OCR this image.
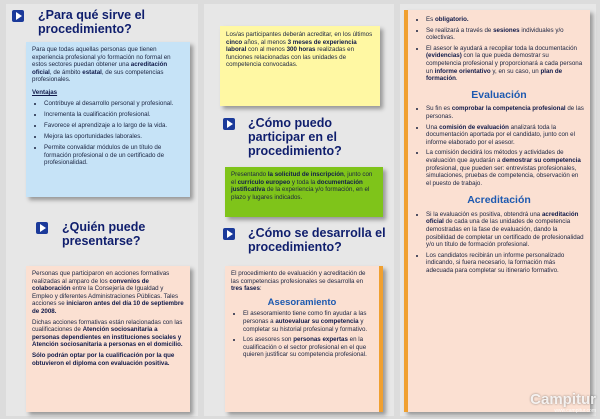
¿Para qué sirve el procedimiento?

Para que todas aquellas personas que tienen experiencia profesional y/o formación no formal en estos sectores puedan obtener una acreditación oficial, de ámbito estatal, de sus competencias profesionales.

Ventajas

• Contribuye al desarrollo personal y profesional.
• Incrementa la cualificación profesional.
• Favorece el aprendizaje a lo largo de la vida.
• Mejora las oportunidades laborales.
• Permite convalidar módulos de un título de formación profesional o de un certificado de profesionalidad.
¿Quién puede presentarse?

Personas que participaron en acciones formativas realizadas al amparo de los convenios de colaboración entre la Consejería de Igualdad y Empleo y diferentes Administraciones Públicas. Tales acciones se iniciaron antes del día 10 de septiembre de 2008.

Dichas acciones formativas están relacionadas con las cualificaciones de Atención sociosanitaria a personas dependientes en instituciones sociales y Atención sociosanitaria a personas en el domicilio.

Sólo podrán optar por la cualificación por la que obtuvieron el diploma con evaluación positiva.

Los/as participantes deberán acreditar, en los últimos cinco años, al menos 3 meses de experiencia laboral con al menos 300 horas realizadas en funciones relacionadas con las unidades de competencia convocadas.

¿Cómo puedo participar en el procedimiento?

Presentando la solicitud de inscripción, junto con el currículo europeo y toda la documentación justificativa de la experiencia y/o formación, en el plazo y lugares indicados.

¿Cómo se desarrolla el procedimiento?

El procedimiento de evaluación y acreditación de las competencias profesionales se desarrolla en tres fases:

Asesoramiento
• El asesoramiento tiene como fin ayudar a las personas a autoevaluar su competencia y completar su historial profesional y formativo.
• Los asesores son personas expertas en la cualificación o el sector profesional en el que quieren justificar su competencia profesional.
• Es obligatorio.
• Se realizará a través de sesiones individuales y/o colectivas.
• El asesor le ayudará a recopilar toda la documentación (evidencias) con la que pueda demostrar su competencia profesional y proporcionará a cada persona un informe orientativo y, en su caso, un plan de formación.
Evaluación
• Su fin es comprobar la competencia profesional de las personas.
• Una comisión de evaluación analizará toda la documentación aportada por el candidato, junto con el informe elaborado por el asesor.
• La comisión decidirá los métodos y actividades de evaluación que ayudarán a demostrar su competencia profesional, que pueden ser: entrevistas profesionales, simulaciones, pruebas de competencia, observación en el puesto de trabajo.
Acreditación
• Si la evaluación es positiva, obtendrá una acreditación oficial de cada una de las unidades de competencia demostradas en la fase de evaluación, dando la posibilidad de completar un certificado de profesionalidad y/o un título de formación profesional.
• Los candidatos recibirán un informe personalizado indicando, si fuera necesario, la formación más adecuada para completar su itinerario formativo.
Campitur
www.campitur.com
